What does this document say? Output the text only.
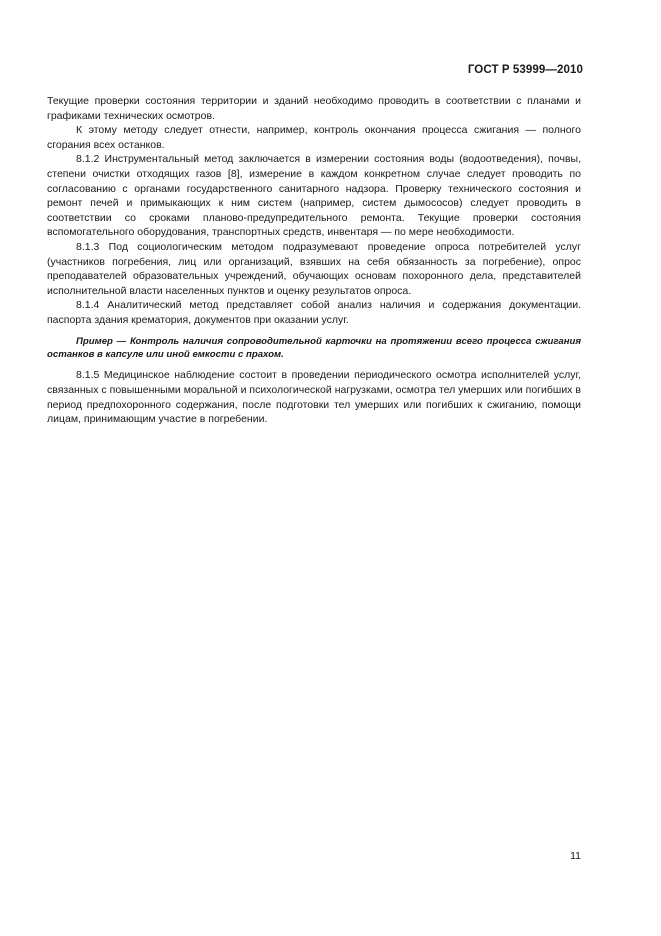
ГОСТ Р 53999—2010

Текущие проверки состояния территории и зданий необходимо проводить в соответствии с планами и графиками технических осмотров.

К этому методу следует отнести, например, контроль окончания процесса сжигания — полного сгорания всех останков.

8.1.2 Инструментальный метод заключается в измерении состояния воды (водоотведения), почвы, степени очистки отходящих газов [8], измерение в каждом конкретном случае следует проводить по согласованию с органами государственного санитарного надзора. Проверку технического состояния и ремонт печей и примыкающих к ним систем (например, систем дымососов) следует проводить в соответствии со сроками планово-предупредительного ремонта. Текущие проверки состояния вспомогательного оборудования, транспортных средств, инвентаря — по мере необходимости.

8.1.3 Под социологическим методом подразумевают проведение опроса потребителей услуг (участников погребения, лиц или организаций, взявших на себя обязанность за погребение), опрос преподавателей образовательных учреждений, обучающих основам похоронного дела, представителей исполнительной власти населенных пунктов и оценку результатов опроса.

8.1.4 Аналитический метод представляет собой анализ наличия и содержания документации. паспорта здания крематория, документов при оказании услуг.

Пример — Контроль наличия сопроводительной карточки на протяжении всего процесса сжигания останков в капсуле или иной емкости с прахом.

8.1.5 Медицинское наблюдение состоит в проведении периодического осмотра исполнителей услуг, связанных с повышенными моральной и психологической нагрузками, осмотра тел умерших или погибших в период предпохоронного содержания, после подготовки тел умерших или погибших к сжиганию, помощи лицам, принимающим участие в погребении.

11
